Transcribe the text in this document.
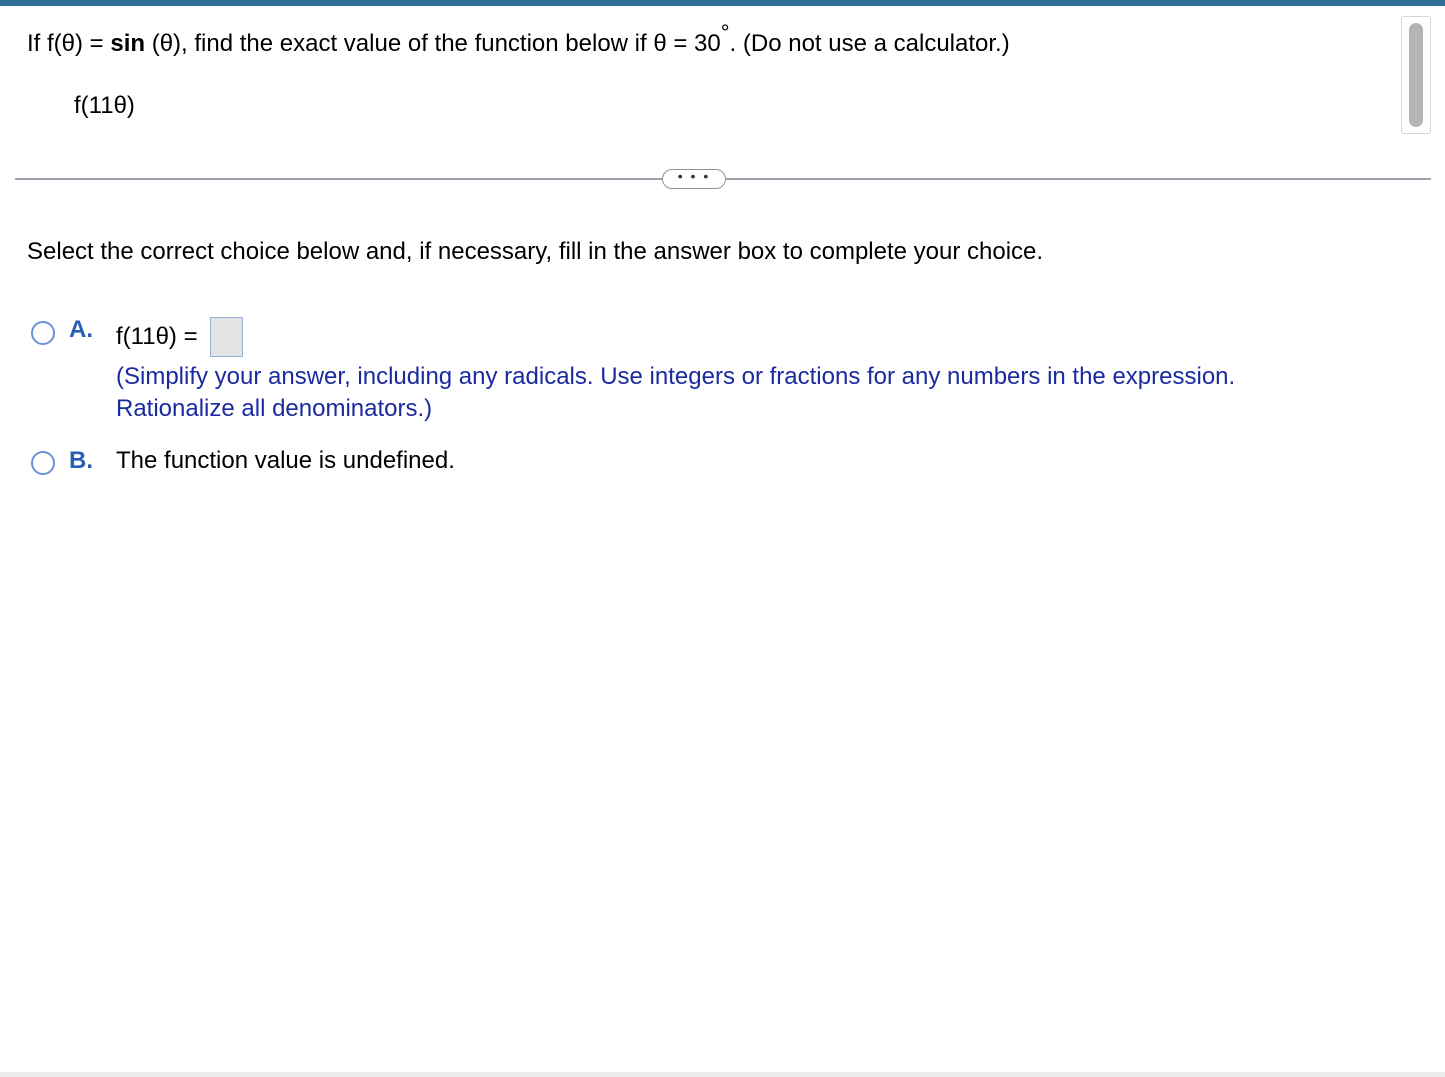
If f(θ) = sin (θ), find the exact value of the function below if θ = 30°. (Do not use a calculator.)
f(11θ)
• • •
Select the correct choice below and, if necessary, fill in the answer box to complete your choice.
A. f(11θ) =
(Simplify your answer, including any radicals. Use integers or fractions for any numbers in the expression.
Rationalize all denominators.)
B. The function value is undefined.
